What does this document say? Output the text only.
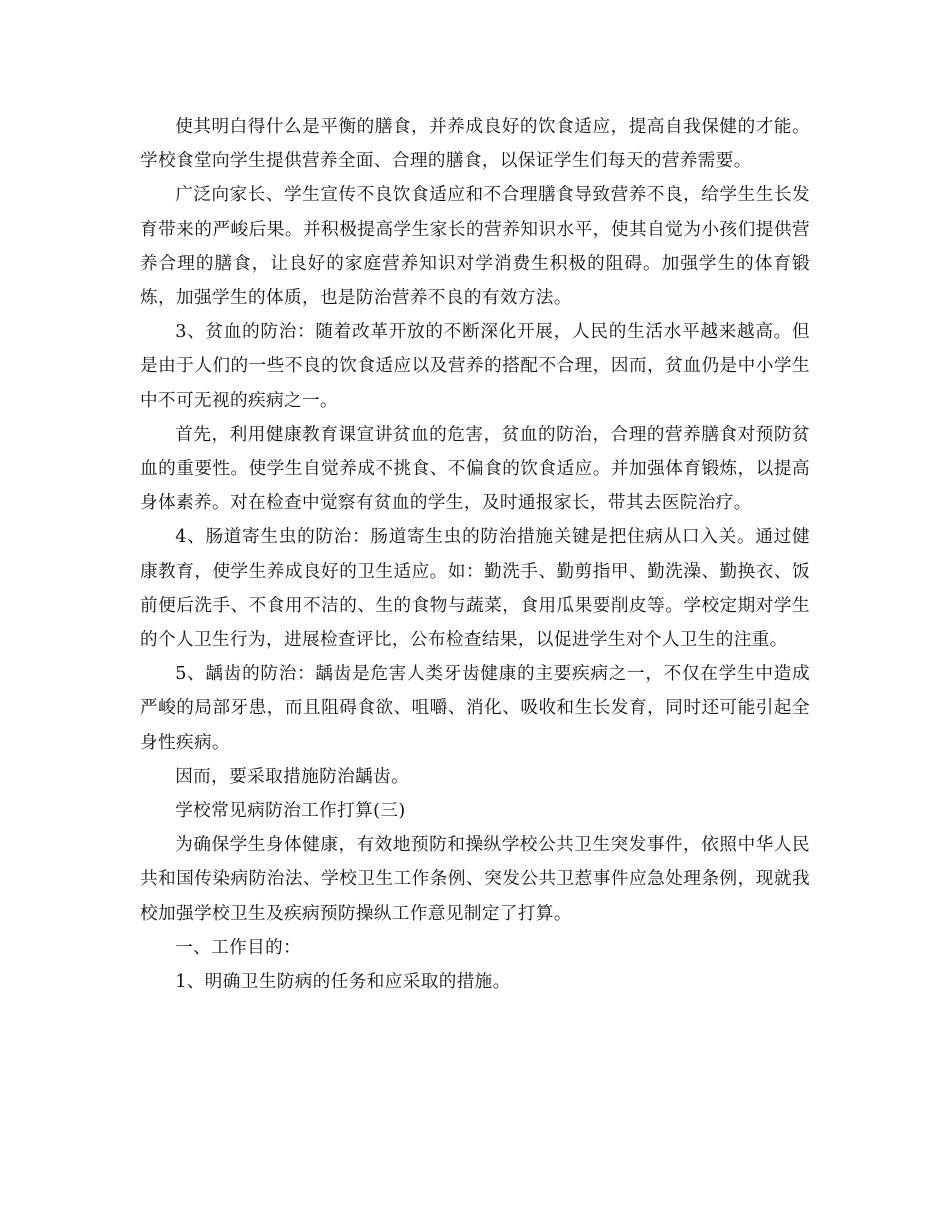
使其明白得什么是平衡的膳食，并养成良好的饮食适应，提高自我保健的才能。学校食堂向学生提供营养全面、合理的膳食，以保证学生们每天的营养需要。

广泛向家长、学生宣传不良饮食适应和不合理膳食导致营养不良，给学生生长发育带来的严峻后果。并积极提高学生家长的营养知识水平，使其自觉为小孩们提供营养合理的膳食，让良好的家庭营养知识对学消费生积极的阻碍。加强学生的体育锻炼，加强学生的体质，也是防治营养不良的有效方法。

3、贫血的防治：随着改革开放的不断深化开展，人民的生活水平越来越高。但是由于人们的一些不良的饮食适应以及营养的搭配不合理，因而，贫血仍是中小学生中不可无视的疾病之一。

首先，利用健康教育课宣讲贫血的危害，贫血的防治，合理的营养膳食对预防贫血的重要性。使学生自觉养成不挑食、不偏食的饮食适应。并加强体育锻炼，以提高身体素养。对在检查中觉察有贫血的学生，及时通报家长，带其去医院治疗。

4、肠道寄生虫的防治：肠道寄生虫的防治措施关键是把住病从口入关。通过健康教育，使学生养成良好的卫生适应。如：勤洗手、勤剪指甲、勤洗澡、勤换衣、饭前便后洗手、不食用不洁的、生的食物与蔬菜，食用瓜果要削皮等。学校定期对学生的个人卫生行为，进展检查评比，公布检查结果，以促进学生对个人卫生的注重。

5、龋齿的防治：龋齿是危害人类牙齿健康的主要疾病之一，不仅在学生中造成严峻的局部牙患，而且阻碍食欲、咀嚼、消化、吸收和生长发育，同时还可能引起全身性疾病。

因而，要采取措施防治龋齿。

学校常见病防治工作打算(三)

为确保学生身体健康，有效地预防和操纵学校公共卫生突发事件，依照中华人民共和国传染病防治法、学校卫生工作条例、突发公共卫惹事件应急处理条例，现就我校加强学校卫生及疾病预防操纵工作意见制定了打算。

一、工作目的：

1、明确卫生防病的任务和应采取的措施。
